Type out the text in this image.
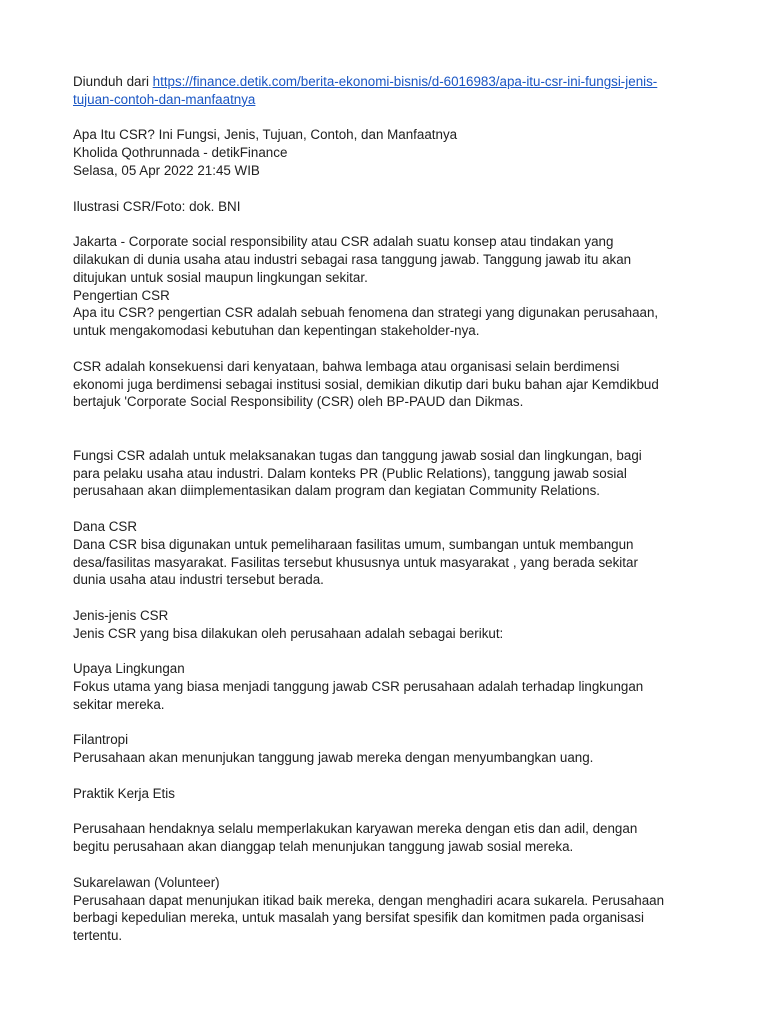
Diunduh dari https://finance.detik.com/berita-ekonomi-bisnis/d-6016983/apa-itu-csr-ini-fungsi-jenis-
tujuan-contoh-dan-manfaatnya
Apa Itu CSR? Ini Fungsi, Jenis, Tujuan, Contoh, dan Manfaatnya
Kholida Qothrunnada - detikFinance
Selasa, 05 Apr 2022 21:45 WIB
Ilustrasi CSR/Foto: dok. BNI
Jakarta - Corporate social responsibility atau CSR adalah suatu konsep atau tindakan yang
dilakukan di dunia usaha atau industri sebagai rasa tanggung jawab. Tanggung jawab itu akan
ditujukan untuk sosial maupun lingkungan sekitar.
Pengertian CSR
Apa itu CSR? pengertian CSR adalah sebuah fenomena dan strategi yang digunakan perusahaan,
untuk mengakomodasi kebutuhan dan kepentingan stakeholder-nya.
CSR adalah konsekuensi dari kenyataan, bahwa lembaga atau organisasi selain berdimensi
ekonomi juga berdimensi sebagai institusi sosial, demikian dikutip dari buku bahan ajar Kemdikbud
bertajuk 'Corporate Social Responsibility (CSR) oleh BP-PAUD dan Dikmas.
Fungsi CSR adalah untuk melaksanakan tugas dan tanggung jawab sosial dan lingkungan, bagi
para pelaku usaha atau industri. Dalam konteks PR (Public Relations), tanggung jawab sosial
perusahaan akan diimplementasikan dalam program dan kegiatan Community Relations.
Dana CSR
Dana CSR bisa digunakan untuk pemeliharaan fasilitas umum, sumbangan untuk membangun
desa/fasilitas masyarakat. Fasilitas tersebut khususnya untuk masyarakat , yang berada sekitar
dunia usaha atau industri tersebut berada.
Jenis-jenis CSR
Jenis CSR yang bisa dilakukan oleh perusahaan adalah sebagai berikut:
Upaya Lingkungan
Fokus utama yang biasa menjadi tanggung jawab CSR perusahaan adalah terhadap lingkungan
sekitar mereka.
Filantropi
Perusahaan akan menunjukan tanggung jawab mereka dengan menyumbangkan uang.
Praktik Kerja Etis
Perusahaan hendaknya selalu memperlakukan karyawan mereka dengan etis dan adil, dengan
begitu perusahaan akan dianggap telah menunjukan tanggung jawab sosial mereka.
Sukarelawan (Volunteer)
Perusahaan dapat menunjukan itikad baik mereka, dengan menghadiri acara sukarela. Perusahaan
berbagi kepedulian mereka, untuk masalah yang bersifat spesifik dan komitmen pada organisasi
tertentu.
